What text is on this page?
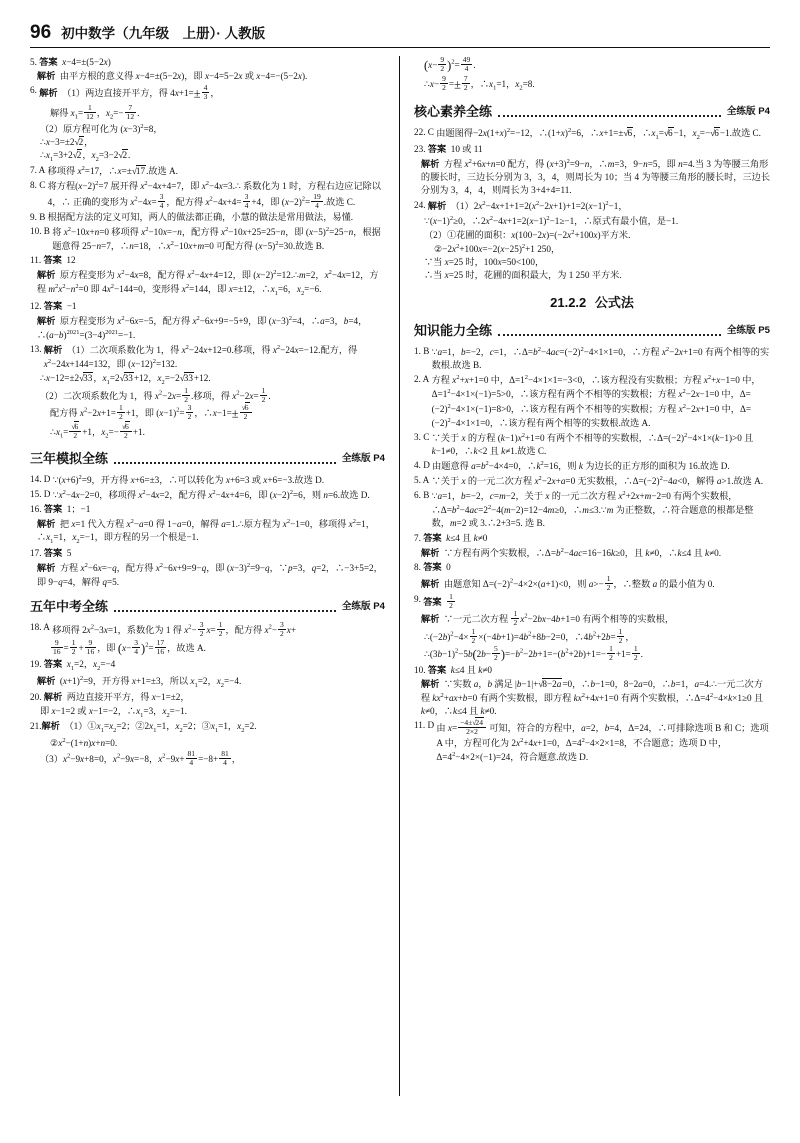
96 初中数学（九年级　上册）· 人教版
5. 答案 x−4=±(5−2x)

解析  由平方根的意义得 x−4=±(5−2x)，即 x−4=5−2x 或 x−4=−(5−2x).
6. 解析  （1）两边直接开平方，得 $4x+1=\pm \frac{4}{3}$ ，
解得 $x_1= \frac{1}{12}$ ，$x_2=- \frac{7}{12}$ .
（2）原方程可化为 $(x-3)^2=8$，
∴x−3=±2 √ 2，
$\therefore x_1=3+2$ √ 2，$x_2=3-2$ √ 2.
7. A 移项得 $x^2=17$，∴x=± √ 17.故选 A.
8. C 将方程$(x-2)^2=7$ 展开得 $x^2-4x+4=7$，即 $x^2-4x=3.\therefore$ 系数化为 1 时，方程右边应记除以 4，∴ 正确的变形为 $x^2-4x= \frac{3}{4}$ ，配方得 $x^2-4x+4= \frac{3}{4} +4$，即 $(x-2)^2= \frac{19}{4}$ .故选 C.
9. B 根据配方法的定义可知，两人的做法都正确，小慧的做法是常用做法，易懂.
10. B 将 $x^2-10x+n=0$ 移项得 $x^2-10x=-n$，配方得 $x^2-10x+25=25-n$，即 $(x-5)^2=25-n$，根据题意得 25−n=7，∴n=18，$\therefore x^2-10x+m=0$ 可配方得 $(x-5)^2=30$.故选 B.
11. 答案  12

解析  原方程变形为 $x^2-4x=8$，配方得 $x^2-4x+4=12$，即 $(x-2)^2=12.\therefore m=2$，$x^2-4x=12$，方程 $m^2x^2-n^2=0$ 即 $4x^2-144=0$，变形得 $x^2=144$，即 x=±12，$\therefore x_1=6$，$x_2=-6$.
12. 答案  −1

解析  原方程变形为 $x^2-6x=-5$，配方得 $x^2-6x+9=-5+9$，即 $(x-3)^2=4$，∴a=3，b=4，$\therefore(a-b)^{2021}=(3-4)^{2021}=-1$.
13. 解析  （1）二次项系数化为 1，得 $x^2-24x+12=0$.移项，得 $x^2-24x=-12$.配方，得 $x^2-24x+144=132$，即 $(x-12)^2=132$.
∴x−12=±2 √ 33，$x_1=2$ √ 33+12，$x_2=-2$ √ 33+12.
（2）二次项系数化为 1，得 $x^2-2x= \frac{1}{2}$ .移项，得 $x^2-2x= \frac{1}{2}$ .
配方得 $x^2-2x+1= \frac{1}{2} +1$，即 $(x-1)^2= \frac{3}{2}$ ，∴x−1=± √ $\frac{6}{2}$
$\therefore x_1=$ √ $\frac{6}{2} +1$，$x_2=-$ √ $\frac{6}{2} +1$.
三年模拟全练	全练版 P4
14. D $\because(x+6)^2=9$，开方得 x+6=±3，∴可以转化为 x+6=3 或 x+6=−3.故选 D.
15. D $\because x^2-4x-2=0$，移项得 $x^2-4x=2$，配方得 $x^2-4x+4=6$，即 $(x-2)^2=6$，则 n=6.故选 D.
16. 答案  1；−1

解析  把 x=1 代入方程 $x^2-a=0$ 得 1−a=0，解得 a=1.∴原方程为 $x^2-1=0$，移项得 $x^2=1$，$\therefore x_1=1$，$x_2=-1$，即方程的另一个根是−1.
17. 答案  5

解析  方程 $x^2-6x=-q$，配方得 $x^2-6x+9=9-q$，即 $(x-3)^2=9-q$，∵p=3，q=2，∴−3+5=2，即 9−q=4，解得 q=5.
五年中考全练	全练版 P4
18. A 移项得 $2x^2-3x=1$，系数化为 1 得 $x^2- \frac{3}{2} x= \frac{1}{2}$ ，配方得 $x^2- \frac{3}{2} x+$
$\frac{9}{16} = \frac{1}{2} + \frac{9}{16}$ ，即 $(x- \frac{3}{4} )^2= \frac{17}{16}$ ，故选 A.
19. 答案 $x_1=2$，$x_2=-4$

解析  $(x+1)^2=9$，开方得 x+1=±3，所以 $x_1=2$，$x_2=-4$.
20. 解析  两边直接开平方，得 x−1=±2，
即 x−1=2 或 x−1=−2，$\therefore x_1=3$，$x_2=-1$.
21. 解析  $(1)①x_1=x_2=2$；$②2x_1=1$，$x_2=2$；$③x_1=1$，$x_2=2$.
$②x^2-(1+n)x+n=0$.
$(3)x^2-9x+8=0$，$x^2-9x=-8$，$x^2-9x+ \frac{81}{4} =-8+ \frac{81}{4}$ ，
$(x- \frac{9}{2} )^2= \frac{49}{4}$ .
∴x− $\frac{9}{2} =\pm \frac{7}{2}$ ，$\therefore x_1=1$，$x_2=8$.
核心素养全练	全练版 P4
22. C 由题图得$-2x(1+x)^2=-12$，$\therefore(1+x)^2=6$，∴x+1=± √ 6，$\therefore x_1=$ √ 6−1，$x_2=-$ √ 6−1.故选 C.
23. 答案  10 或 11

解析  方程 $x^2+6x+n=0$ 配方，得 $(x+3)^2=9-n$，∴m=3，9−n=5，即 n=4.当 3 为等腰三角形的腰长时，三边长分别为 3，3，4，则周长为 10；当 4 为等腰三角形的腰长时，三边长分别为 3，4，4，则周长为 3+4+4=11.
24. 解析  $(1)2x^2-4x+1+1=2(x^2-2x+1)+1=2(x-1)^2-1$，
$\because(x-1)^2\ge 0$，$\therefore 2x^2-4x+1=2(x-1)^2-1\ge-1$，∴原式有最小值，是−1.
（2）①花圃的面积：$x(100-2x)=(-2x^2+100x)$平方米.
$②-2x^2+100x=-2(x-25)^2+1$ 250，
∵当 x=25 时，100x=50<100，
∴当 x=25 时，花圃的面积最大，为 1 250 平方米.
21.2.2 公式法
知识能力全练	全练版 P5
1. B ∵a=1，b=−2，c=1，$\therefore\Delta=b^2-4ac=(-2)^2-4\times 1\times 1=0$，∴方程 $x^2-2x+1=0$ 有两个相等的实数根.故选 B.
2. A 方程 $x^2+x+1=0$ 中，$\Delta=1^2-4\times 1\times 1=-3<0$，∴该方程没有实数根；方程 $x^2+x-1=0$ 中，$\Delta=1^2-4\times 1\times(-1)=5>0$，∴该方程有两个不相等的实数根；方程 $x^2-2x-1=0$ 中，$\Delta=(-2)^2-4\times 1\times(-1)=8>0$，∴该方程有两个不相等的实数根；方程 $x^2-2x+1=0$ 中，$\Delta=(-2)^2-4\times 1\times 1=0$，∴该方程有两个相等的实数根.故选 A.
3. C ∵关于 x 的方程 $(k-1)x^2+1=0$ 有两个不相等的实数根，$\therefore\Delta=(-2)^2-4\times 1\times(k-1)>0$ 且 k−1≠0，∴k<2 且 k≠1.故选 C.
4. D 由题意得 $a=b^2-4\times 4=0$，$\therefore k^2=16$，则 k 为边长的正方形的面积为 16.故选 D.
5. A ∵关于 x 的一元二次方程 $x^2-2x+a=0$ 无实数根，$\therefore\Delta=(-2)^2-4a<0$，解得 a>1.故选 A.
6. B ∵a=1，b=−2，c=m−2，关于 x 的一元二次方程 $x^2+2x+m-2=0$ 有两个实数根，$\therefore\Delta=b^2-4ac=2^2-4(m-2)=12-4m\ge 0$，∴m≤3.∵m 为正整数，∴符合题意的根都是整数，m=2 或 3.∴2+3=5. 选 B.
7. 答案 k≤4 且 k≠0

解析  ∵方程有两个实数根，$\therefore\Delta=b^2-4ac=16-16k\ge 0$，且 k≠0，∴k≤4 且 k≠0.
8. 答案  0

解析  由题意知 $\Delta=(-2)^2-4\times 2\times(a+1)<0$，则 $a>- \frac{1}{2}$ ，∴整数 a 的最小值为 0.
9. 答案 $\frac{1}{2}$

解析  ∵一元二次方程 $\frac{1}{2} x^2-2bx-4b+1=0$ 有两个相等的实数根，
$\therefore(-2b)^2-4\times \frac{1}{2} \times(-4b+1)=4b^2+8b-2=0$，$\therefore 4b^2+2b= \frac{1}{2}$ ，
$\therefore(3b-1)^2-5b(2b- \frac{5}{2} )=-b^2-2b+1=-(b^2+2b)+1=- \frac{1}{2} +1= \frac{1}{2}$ .
10. 答案 k≤4 且 k≠0

解析  ∵实数 a，b 满足 |b−1|+ √ 8−2a=0，∴b−1=0，8−2a=0，∴b=1，a=4.∴一元二次方程 $kx^2+ax+b=0$ 有两个实数根，即方程 $kx^2+4x+1=0$ 有两个实数根，$\therefore\Delta=4^2-4\times k\times 1\ge 0$ 且 k≠0，∴k≤4 且 k≠0.
11. D 由 $x= \frac{-4\pm √ 24}{2\times 2}$ 可知，符合的方程中，a=2，b=4，Δ=24，∴可排除选项 B 和 C；选项 A 中，方程可化为 $2x^2+4x+1=0$，$\Delta=4^2-4\times 2\times 1=8$，不合题意；选项 D 中，$\Delta=4^2-4\times 2\times(-1)=24$，符合题意.故选 D.
